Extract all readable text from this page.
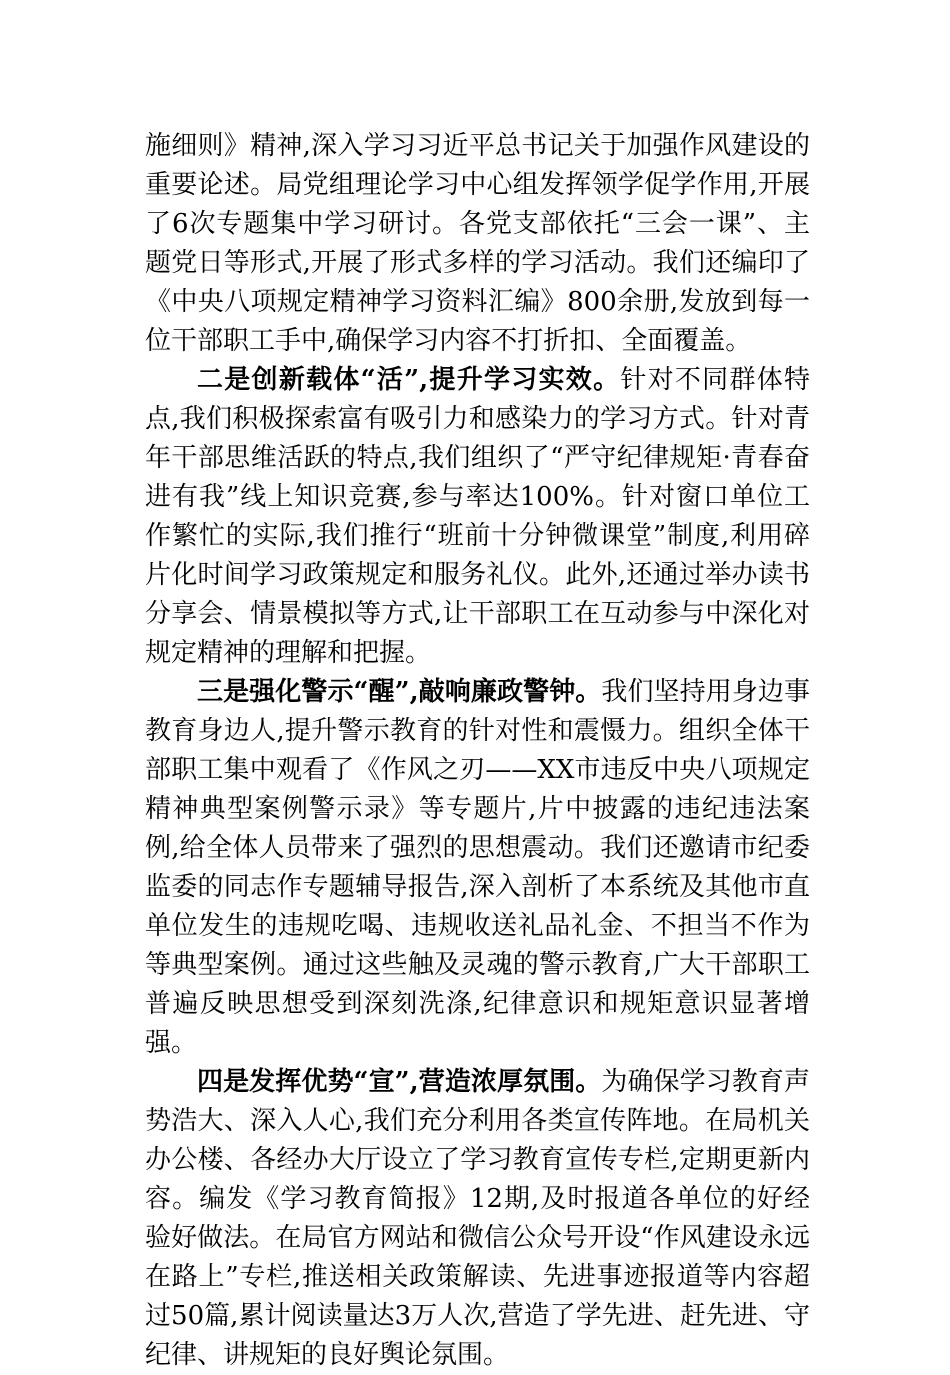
施细则》精神,深入学习习近平总书记关于加强作风建设的重要论述。局党组理论学习中心组发挥领学促学作用,开展了6次专题集中学习研讨。各党支部依托“三会一课”、主题党日等形式,开展了形式多样的学习活动。我们还编印了《中央八项规定精神学习资料汇编》800余册,发放到每一位干部职工手中,确保学习内容不打折扣、全面覆盖。

二是创新载体“活”,提升学习实效。针对不同群体特点,我们积极探索富有吸引力和感染力的学习方式。针对青年干部思维活跃的特点,我们组织了“严守纪律规矩·青春奋进有我”线上知识竞赛,参与率达100%。针对窗口单位工作繁忙的实际,我们推行“班前十分钟微课堂”制度,利用碎片化时间学习政策规定和服务礼仪。此外,还通过举办读书分享会、情景模拟等方式,让干部职工在互动参与中深化对规定精神的理解和把握。

三是强化警示“醒”,敲响廉政警钟。我们坚持用身边事教育身边人,提升警示教育的针对性和震慑力。组织全体干部职工集中观看了《作风之刃——XX市违反中央八项规定精神典型案例警示录》等专题片,片中披露的违纪违法案例,给全体人员带来了强烈的思想震动。我们还邀请市纪委监委的同志作专题辅导报告,深入剖析了本系统及其他市直单位发生的违规吃喝、违规收送礼品礼金、不担当不作为等典型案例。通过这些触及灵魂的警示教育,广大干部职工普遍反映思想受到深刻洗涤,纪律意识和规矩意识显著增强。

四是发挥优势“宣”,营造浓厚氛围。为确保学习教育声势浩大、深入人心,我们充分利用各类宣传阵地。在局机关办公楼、各经办大厅设立了学习教育宣传专栏,定期更新内容。编发《学习教育简报》12期,及时报道各单位的好经验好做法。在局官方网站和微信公众号开设“作风建设永远在路上”专栏,推送相关政策解读、先进事迹报道等内容超过50篇,累计阅读量达3万人次,营造了学先进、赶先进、守纪律、讲规矩的良好舆论氛围。
